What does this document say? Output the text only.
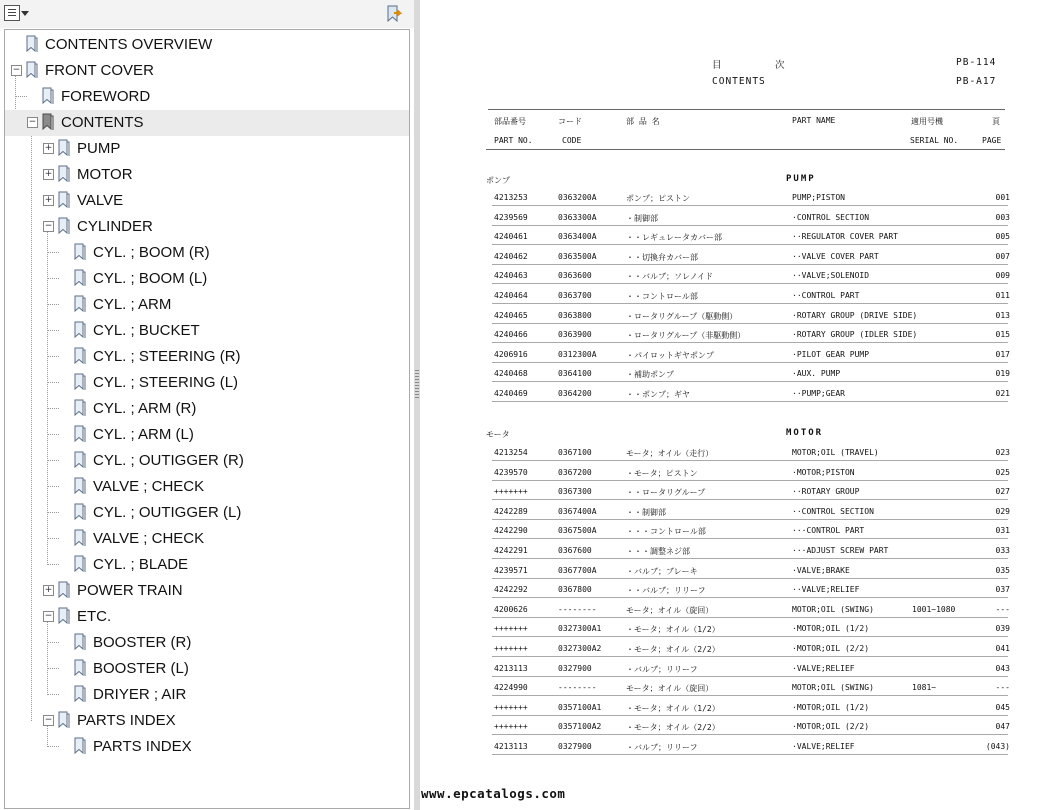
CONTENTS OVERVIEW
− FRONT COVER
FOREWORD
− CONTENTS
+ PUMP
+ MOTOR
+ VALVE
− CYLINDER
CYL. ; BOOM (R)
CYL. ; BOOM (L)
CYL. ; ARM
CYL. ; BUCKET
CYL. ; STEERING (R)
CYL. ; STEERING (L)
CYL. ; ARM (R)
CYL. ; ARM (L)
CYL. ; OUTIGGER (R)
VALVE ; CHECK
CYL. ; OUTIGGER (L)
VALVE ; CHECK
CYL. ; BLADE
+ POWER TRAIN
− ETC.
BOOSTER (R)
BOOSTER (L)
DRIYER ; AIR
− PARTS INDEX
PARTS INDEX
目	次
CONTENTS
PB-114
PB-A17
部品番号	コード	部 品 名	PART NAME	適用号機	頁
PART NO.	CODE	SERIAL NO.	PAGE
ポンプ	PUMP
4213253	0363200A	ポンプ；ピストン	PUMP;PISTON	001
4239569	0363300A	・制御部	·CONTROL SECTION	003
4240461	0363400A	・・レギュレータカバー部	··REGULATOR COVER PART	005
4240462	0363500A	・・切換弁カバー部	··VALVE COVER PART	007
4240463	0363600	・・バルブ；ソレノイド	··VALVE;SOLENOID	009
4240464	0363700	・・コントロール部	··CONTROL PART	011
4240465	0363800	・ロータリグループ（駆動側）	·ROTARY GROUP (DRIVE SIDE)	013
4240466	0363900	・ロータリグループ（非駆動側）	·ROTARY GROUP (IDLER SIDE)	015
4206916	0312300A	・パイロットギヤポンプ	·PILOT GEAR PUMP	017
4240468	0364100	・補助ポンプ	·AUX. PUMP	019
4240469	0364200	・・ポンプ；ギヤ	··PUMP;GEAR	021
モータ	MOTOR
4213254	0367100	モータ；オイル（走行）	MOTOR;OIL (TRAVEL)	023
4239570	0367200	・モータ；ピストン	·MOTOR;PISTON	025
+++++++	0367300	・・ロータリグループ	··ROTARY GROUP	027
4242289	0367400A	・・制御部	··CONTROL SECTION	029
4242290	0367500A	・・・コントロール部	···CONTROL PART	031
4242291	0367600	・・・調整ネジ部	···ADJUST SCREW PART	033
4239571	0367700A	・バルブ；ブレーキ	·VALVE;BRAKE	035
4242292	0367800	・・バルブ；リリーフ	··VALVE;RELIEF	037
4200626	--------	モータ；オイル（旋回）	MOTOR;OIL (SWING)	1001~1080	---
+++++++	0327300A1	・モータ；オイル（1/2）	·MOTOR;OIL (1/2)	039
+++++++	0327300A2	・モータ；オイル（2/2）	·MOTOR;OIL (2/2)	041
4213113	0327900	・バルブ；リリーフ	·VALVE;RELIEF	043
4224990	--------	モータ；オイル（旋回）	MOTOR;OIL (SWING)	1081~	---
+++++++	0357100A1	・モータ；オイル（1/2）	·MOTOR;OIL (1/2)	045
+++++++	0357100A2	・モータ；オイル（2/2）	·MOTOR;OIL (2/2)	047
4213113	0327900	・バルブ；リリーフ	·VALVE;RELIEF	(043)
www.epcatalogs.com
